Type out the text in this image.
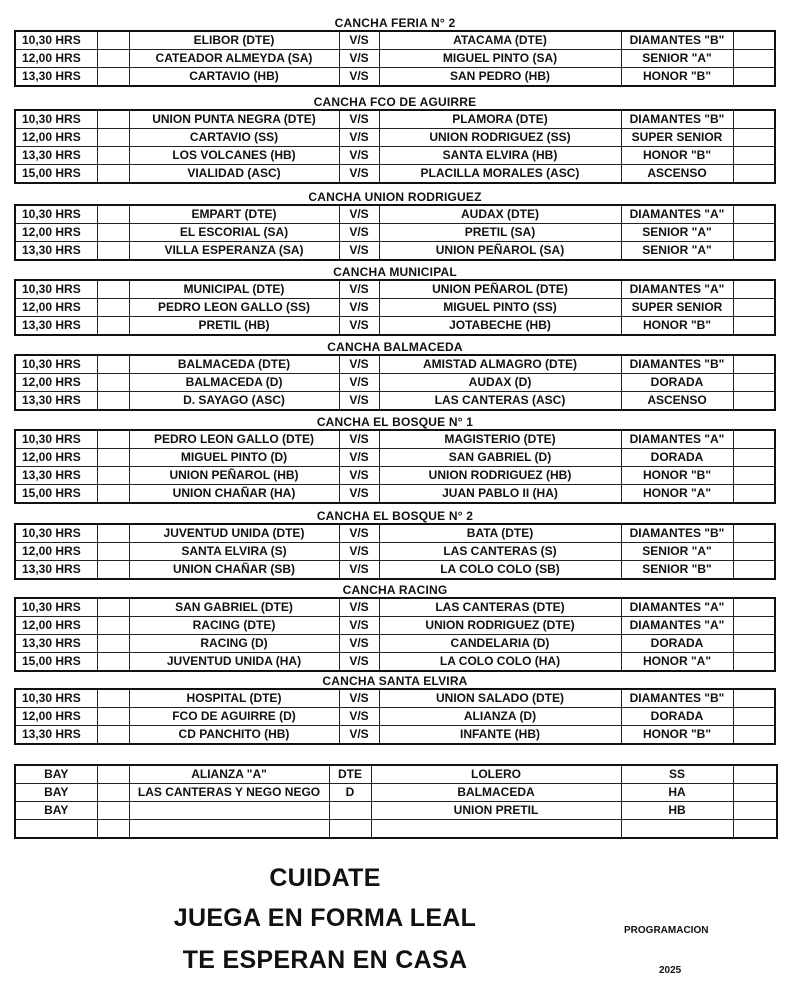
CANCHA FERIA N° 2
10,30 HRS		ELIBOR (DTE)	V/S	ATACAMA (DTE)	DIAMANTES "B"	
12,00 HRS		CATEADOR ALMEYDA (SA)	V/S	MIGUEL PINTO (SA)	SENIOR "A"	
13,30 HRS		CARTAVIO (HB)	V/S	SAN PEDRO (HB)	HONOR "B"	
CANCHA FCO DE AGUIRRE
10,30 HRS		UNION PUNTA NEGRA (DTE)	V/S	PLAMORA (DTE)	DIAMANTES "B"	
12,00 HRS		CARTAVIO (SS)	V/S	UNION RODRIGUEZ (SS)	SUPER SENIOR	
13,30 HRS		LOS VOLCANES (HB)	V/S	SANTA ELVIRA (HB)	HONOR "B"	
15,00 HRS		VIALIDAD (ASC)	V/S	PLACILLA MORALES (ASC)	ASCENSO	
CANCHA UNION RODRIGUEZ
10,30 HRS		EMPART (DTE)	V/S	AUDAX (DTE)	DIAMANTES "A"	
12,00 HRS		EL ESCORIAL (SA)	V/S	PRETIL (SA)	SENIOR "A"	
13,30 HRS		VILLA ESPERANZA (SA)	V/S	UNION PEÑAROL (SA)	SENIOR "A"	
CANCHA MUNICIPAL
10,30 HRS		MUNICIPAL (DTE)	V/S	UNION PEÑAROL (DTE)	DIAMANTES "A"	
12,00 HRS		PEDRO LEON GALLO (SS)	V/S	MIGUEL PINTO (SS)	SUPER SENIOR	
13,30 HRS		PRETIL (HB)	V/S	JOTABECHE (HB)	HONOR "B"	
CANCHA BALMACEDA
10,30 HRS		BALMACEDA (DTE)	V/S	AMISTAD ALMAGRO (DTE)	DIAMANTES "B"	
12,00 HRS		BALMACEDA (D)	V/S	AUDAX (D)	DORADA	
13,30 HRS		D. SAYAGO (ASC)	V/S	LAS CANTERAS (ASC)	ASCENSO	
CANCHA EL BOSQUE N° 1
10,30 HRS		PEDRO LEON GALLO (DTE)	V/S	MAGISTERIO (DTE)	DIAMANTES "A"	
12,00 HRS		MIGUEL PINTO (D)	V/S	SAN GABRIEL (D)	DORADA	
13,30 HRS		UNION PEÑAROL (HB)	V/S	UNION RODRIGUEZ (HB)	HONOR "B"	
15,00 HRS		UNION CHAÑAR (HA)	V/S	JUAN PABLO II (HA)	HONOR "A"	
CANCHA EL BOSQUE N° 2
10,30 HRS		JUVENTUD UNIDA (DTE)	V/S	BATA (DTE)	DIAMANTES "B"	
12,00 HRS		SANTA ELVIRA (S)	V/S	LAS CANTERAS (S)	SENIOR "A"	
13,30 HRS		UNION CHAÑAR (SB)	V/S	LA COLO COLO (SB)	SENIOR "B"	
CANCHA RACING
10,30 HRS		SAN GABRIEL (DTE)	V/S	LAS CANTERAS (DTE)	DIAMANTES "A"	
12,00 HRS		RACING (DTE)	V/S	UNION RODRIGUEZ (DTE)	DIAMANTES "A"	
13,30 HRS		RACING (D)	V/S	CANDELARIA (D)	DORADA	
15,00 HRS		JUVENTUD UNIDA (HA)	V/S	LA COLO COLO (HA)	HONOR "A"	
CANCHA SANTA ELVIRA
10,30 HRS		HOSPITAL (DTE)	V/S	UNION SALADO (DTE)	DIAMANTES "B"	
12,00 HRS		FCO DE AGUIRRE (D)	V/S	ALIANZA (D)	DORADA	
13,30 HRS		CD PANCHITO (HB)	V/S	INFANTE (HB)	HONOR "B"	
BAY		ALIANZA "A"	DTE	LOLERO	SS	
BAY		LAS CANTERAS Y NEGO NEGO	D	BALMACEDA	HA	
BAY				UNION PRETIL	HB	

CUIDATE
JUEGA EN FORMA LEAL
TE ESPERAN EN CASA
PROGRAMACION
2025
